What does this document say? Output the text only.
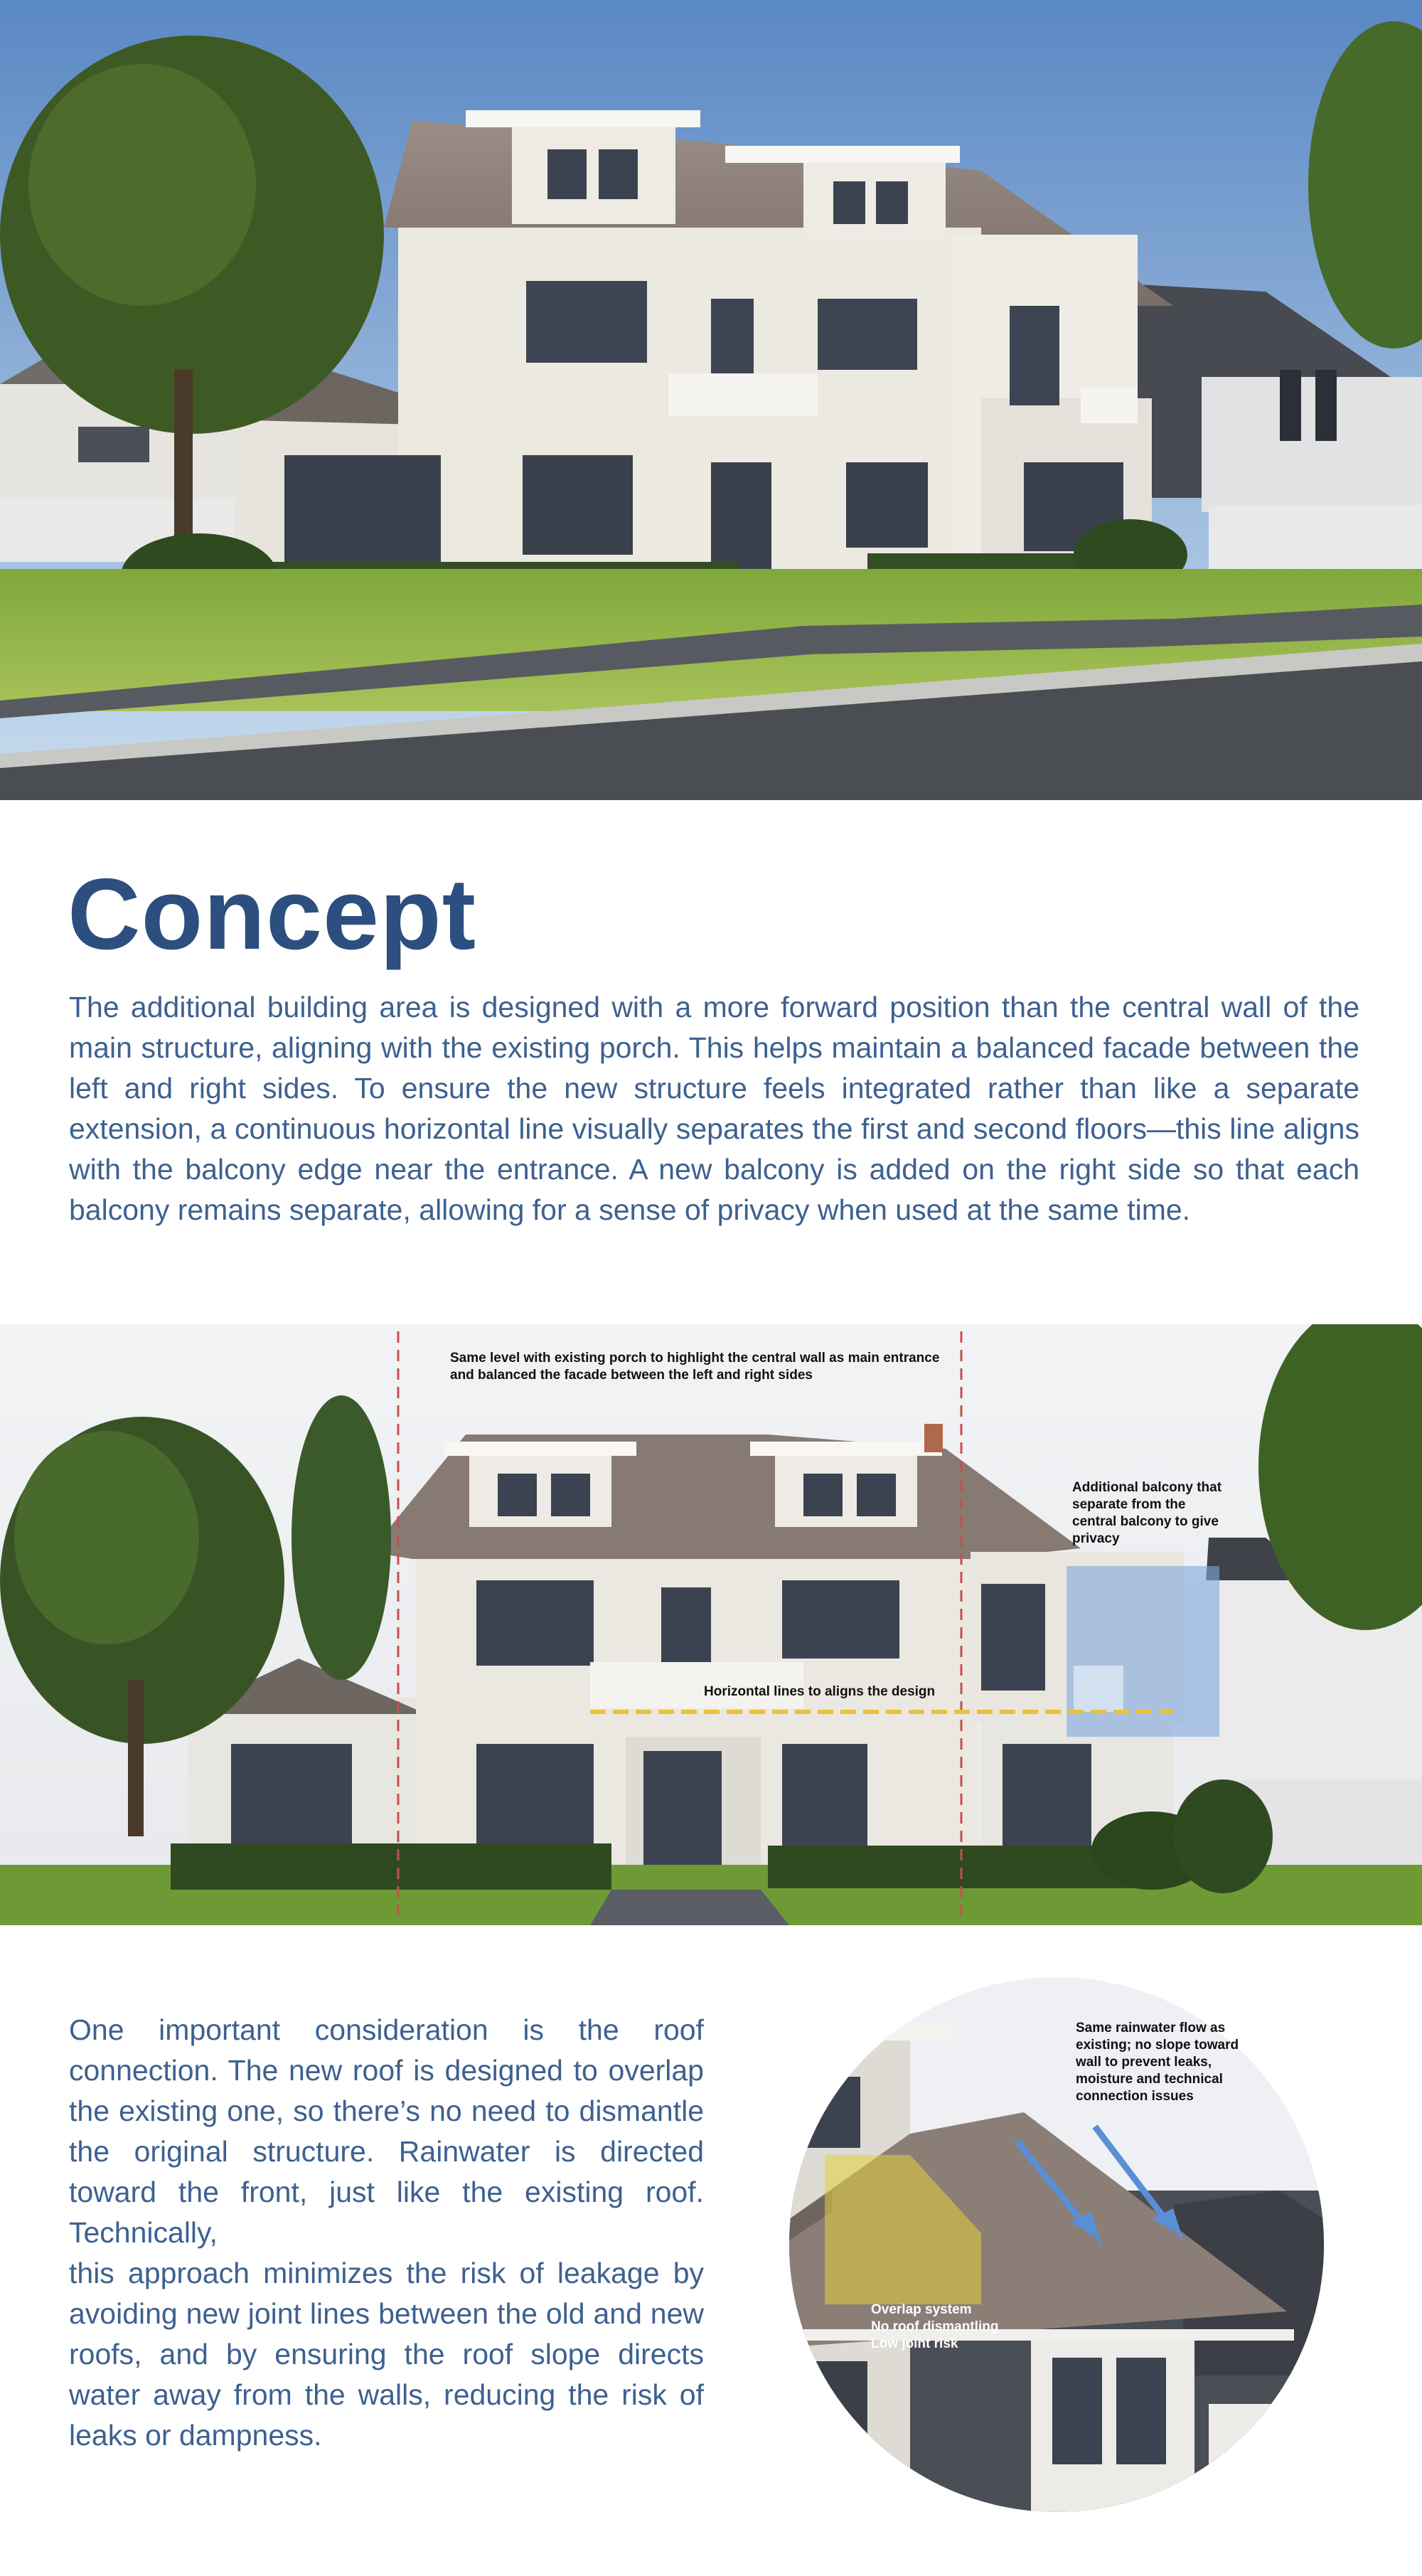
Concept
The additional building area is designed with a more forward position than the central wall of the main structure, aligning with the existing porch. This helps maintain a balanced facade between the left and right sides. To ensure the new structure feels integrated rather than like a separate extension, a continuous horizontal line visually separates the first and second floors—this line aligns with the balcony edge near the entrance. A new balcony is added on the right side so that each balcony remains separate, allowing for a sense of privacy when used at the same time.
Same level with existing porch to highlight the central wall as main entrance and balanced the facade between the left and right sides
Additional balcony that separate from the central balcony to give privacy
Horizontal lines to aligns the design
One important consideration is the roof connection. The new roof is designed to overlap the existing one, so there’s no need to dismantle the original structure. Rainwater is directed toward the front, just like the existing roof. Technically,
this approach minimizes the risk of leakage by avoiding new joint lines between the old and new roofs, and by ensuring the roof slope directs water away from the walls, reducing the risk of leaks or dampness.
Same rainwater flow as existing; no slope toward wall to prevent leaks, moisture and technical connection issues
Overlap system
No roof dismantling
Low joint risk
